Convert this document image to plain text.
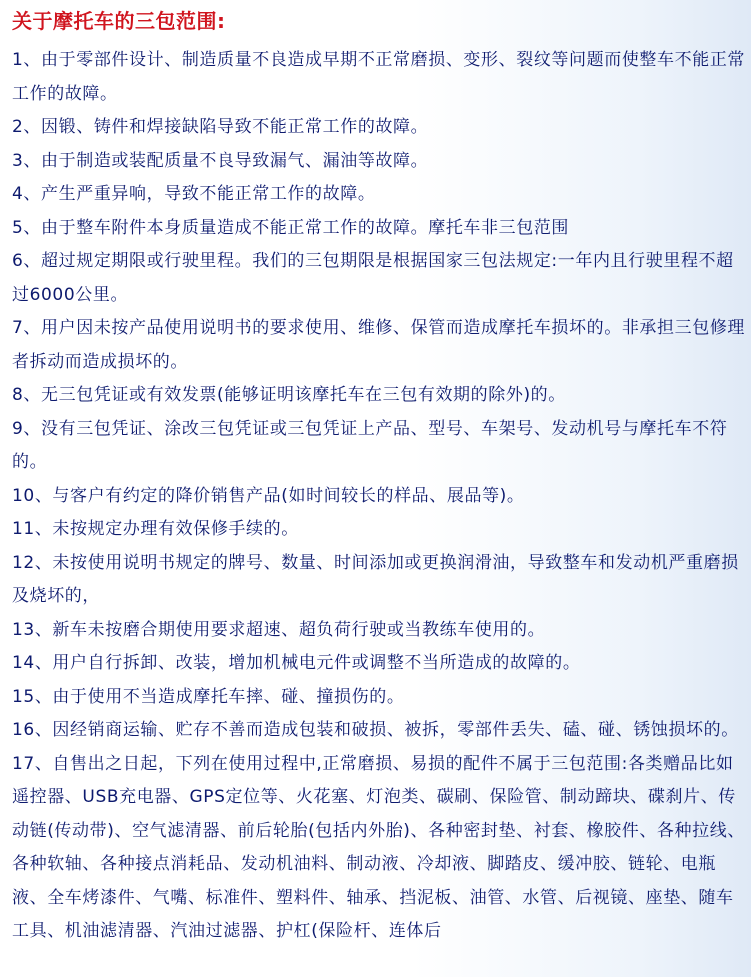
关于摩托车的三包范围:
1、由于零部件设计、制造质量不良造成早期不正常磨损、变形、裂纹等问题而使整车不能正常工作的故障。
2、因锻、铸件和焊接缺陷导致不能正常工作的故障。
3、由于制造或装配质量不良导致漏气、漏油等故障。
4、产生严重异响，导致不能正常工作的故障。
5、由于整车附件本身质量造成不能正常工作的故障。摩托车非三包范围
6、超过规定期限或行驶里程。我们的三包期限是根据国家三包法规定:一年内且行驶里程不超过6000公里。
7、用户因未按产品使用说明书的要求使用、维修、保管而造成摩托车损坏的。非承担三包修理者拆动而造成损坏的。
8、无三包凭证或有效发票(能够证明该摩托车在三包有效期的除外)的。
9、没有三包凭证、涂改三包凭证或三包凭证上产品、型号、车架号、发动机号与摩托车不符的。
10、与客户有约定的降价销售产品(如时间较长的样品、展品等)。
11、未按规定办理有效保修手续的。
12、未按使用说明书规定的牌号、数量、时间添加或更换润滑油，导致整车和发动机严重磨损及烧坏的，
13、新车未按磨合期使用要求超速、超负荷行驶或当教练车使用的。
14、用户自行拆卸、改装，增加机械电元件或调整不当所造成的故障的。
15、由于使用不当造成摩托车摔、碰、撞损伤的。
16、因经销商运输、贮存不善而造成包装和破损、被拆，零部件丢失、磕、碰、锈蚀损坏的。
17、自售出之日起，下列在使用过程中,正常磨损、易损的配件不属于三包范围:各类赠品比如遥控器、USB充电器、GPS定位等、火花塞、灯泡类、碳刷、保险管、制动蹄块、碟刹片、传动链(传动带)、空气滤清器、前后轮胎(包括内外胎)、各种密封垫、衬套、橡胶件、各种拉线、各种软轴、各种接点消耗品、发动机油料、制动液、冷却液、脚踏皮、缓冲胶、链轮、电瓶液、全车烤漆件、气嘴、标准件、塑料件、轴承、挡泥板、油管、水管、后视镜、座垫、随车工具、机油滤清器、汽油过滤器、护杠(保险杆、连体后
